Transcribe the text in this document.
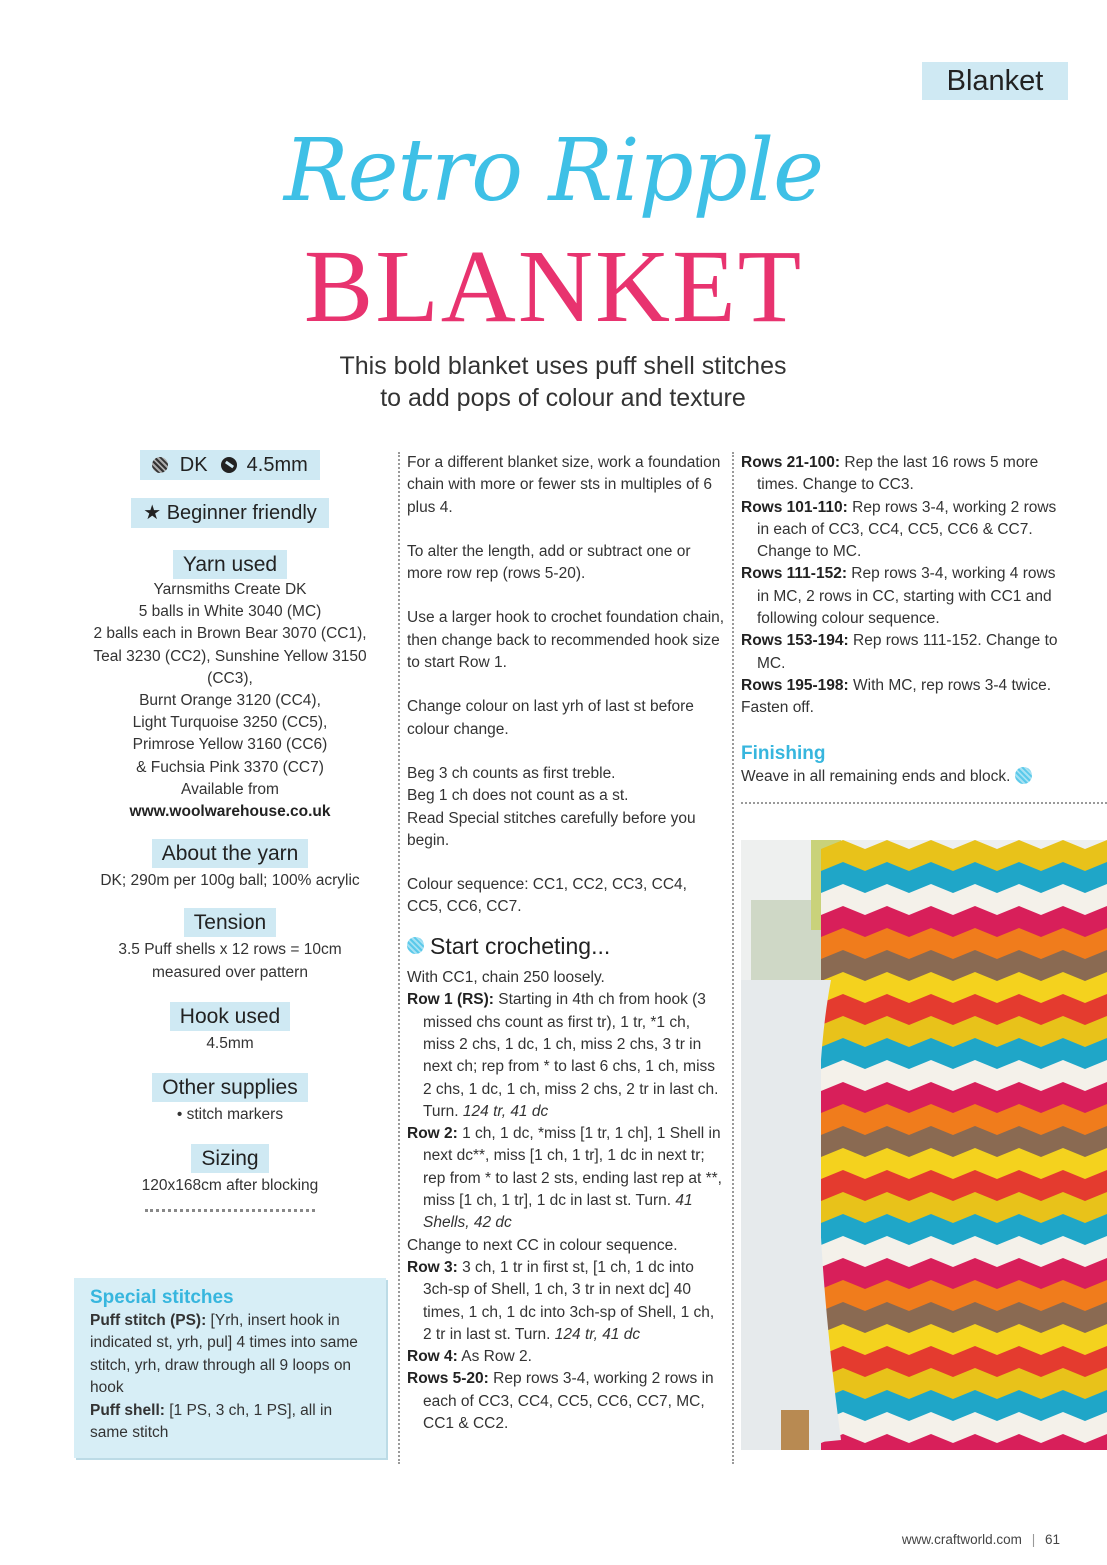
Blanket
Retro Ripple
BLANKET
This bold blanket uses puff shell stitches
to add pops of colour and texture
DK 4.5mm
★ Beginner friendly
Yarn used
Yarnsmiths Create DK
5 balls in White 3040 (MC)
2 balls each in Brown Bear 3070 (CC1),
Teal 3230 (CC2), Sunshine Yellow 3150 (CC3),
Burnt Orange 3120 (CC4),
Light Turquoise 3250 (CC5),
Primrose Yellow 3160 (CC6)
& Fuchsia Pink 3370 (CC7)
Available from
www.woolwarehouse.co.uk
About the yarn
DK; 290m per 100g ball; 100% acrylic
Tension
3.5 Puff shells x 12 rows = 10cm
measured over pattern
Hook used
4.5mm
Other supplies
• stitch markers
Sizing
120x168cm after blocking
Special stitches

Puff stitch (PS): [Yrh, insert hook in indicated st, yrh, pul] 4 times into same stitch, yrh, draw through all 9 loops on hook

Puff shell: [1 PS, 3 ch, 1 PS], all in same stitch

For a different blanket size, work a foundation chain with more or fewer sts in multiples of 6 plus 4.

To alter the length, add or subtract one or more row rep (rows 5-20).

Use a larger hook to crochet foundation chain, then change back to recommended hook size to start Row 1.

Change colour on last yrh of last st before colour change.

Beg 3 ch counts as first treble.

Beg 1 ch does not count as a st.

Read Special stitches carefully before you begin.

Colour sequence: CC1, CC2, CC3, CC4, CC5, CC6, CC7.

Start crocheting...

With CC1, chain 250 loosely.

Row 1 (RS): Starting in 4th ch from hook (3 missed chs count as first tr), 1 tr, *1 ch, miss 2 chs, 1 dc, 1 ch, miss 2 chs, 3 tr in next ch; rep from * to last 6 chs, 1 ch, miss 2 chs, 1 dc, 1 ch, miss 2 chs, 2 tr in last ch. Turn. 124 tr, 41 dc

Row 2: 1 ch, 1 dc, *miss [1 tr, 1 ch], 1 Shell in next dc**, miss [1 ch, 1 tr], 1 dc in next tr; rep from * to last 2 sts, ending last rep at **, miss [1 ch, 1 tr], 1 dc in last st. Turn. 41 Shells, 42 dc

Change to next CC in colour sequence.

Row 3: 3 ch, 1 tr in first st, [1 ch, 1 dc into 3ch-sp of Shell, 1 ch, 3 tr in next dc] 40 times, 1 ch, 1 dc into 3ch-sp of Shell, 1 ch, 2 tr in last st. Turn. 124 tr, 41 dc

Row 4: As Row 2.

Rows 5-20: Rep rows 3-4, working 2 rows in each of CC3, CC4, CC5, CC6, CC7, MC, CC1 & CC2.

Rows 21-100: Rep the last 16 rows 5 more times. Change to CC3.

Rows 101-110: Rep rows 3-4, working 2 rows in each of CC3, CC4, CC5, CC6 & CC7. Change to MC.

Rows 111-152: Rep rows 3-4, working 4 rows in MC, 2 rows in CC, starting with CC1 and following colour sequence.

Rows 153-194: Rep rows 111-152. Change to MC.

Rows 195-198: With MC, rep rows 3-4 twice.

Fasten off.

Finishing

Weave in all remaining ends and block.

www.craftworld.com | 61
